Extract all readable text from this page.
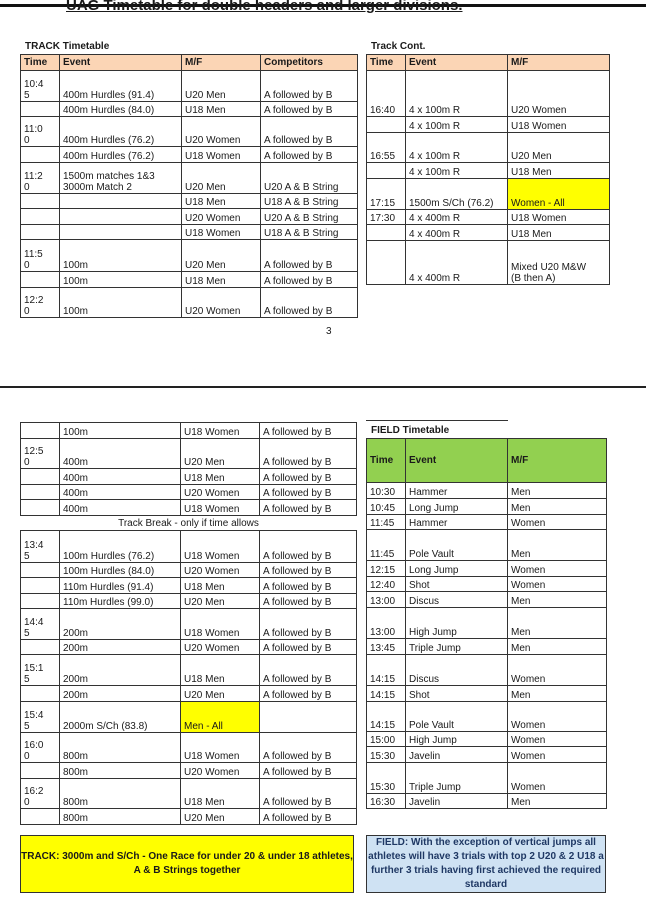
UAG Timetable for double headers and larger divisions.
TRACK Timetable
Time	Event	M/F	Competitors
10:4
5	400m Hurdles (91.4)	U20 Men	A followed by B
	400m Hurdles (84.0)	U18 Men	A followed by B
11:0
0	400m Hurdles (76.2)	U20 Women	A followed by B
	400m Hurdles (76.2)	U18 Women	A followed by B
11:2
0	1500m matches 1&3
3000m Match 2	U20 Men	U20 A & B String
		U18 Men	U18 A & B String
		U20 Women	U20 A & B String
		U18 Women	U18 A & B String
11:5
0	100m	U20 Men	A followed by B
	100m	U18 Men	A followed by B
12:2
0	100m	U20 Women	A followed by B
Track Cont.
Time	Event	M/F
16:40	4 x 100m R	U20 Women
	4 x 100m R	U18 Women
16:55	4 x 100m R	U20 Men
	4 x 100m R	U18 Men
17:15	1500m S/Ch (76.2)	Women - All
17:30	4 x 400m R	U18 Women
	4 x 400m R	U18 Men
	4 x 400m R	Mixed U20 M&W
(B then A)
3
	100m	U18 Women	A followed by B
12:5
0	400m	U20 Men	A followed by B
	400m	U18 Men	A followed by B
	400m	U20 Women	A followed by B
	400m	U18 Women	A followed by B
Track Break - only if time allows			
13:4
5	100m Hurdles (76.2)	U18 Women	A followed by B
	100m Hurdles (84.0)	U20 Women	A followed by B
	110m Hurdles (91.4)	U18 Men	A followed by B
	110m Hurdles (99.0)	U20 Men	A followed by B
14:4
5	200m	U18 Women	A followed by B
	200m	U20 Women	A followed by B
15:1
5	200m	U18 Men	A followed by B
	200m	U20 Men	A followed by B
15:4
5	2000m S/Ch (83.8)	Men - All	
16:0
0	800m	U18 Women	A followed by B
	800m	U20 Women	A followed by B
16:2
0	800m	U18 Men	A followed by B
	800m	U20 Men	A followed by B
FIELD Timetable
Time	Event	M/F
10:30	Hammer	Men
10:45	Long Jump	Men
11:45	Hammer	Women
11:45	Pole Vault	Men
12:15	Long Jump	Women
12:40	Shot	Women
13:00	Discus	Men
13:00	High Jump	Men
13:45	Triple Jump	Men
14:15	Discus	Women
14:15	Shot	Men
14:15	Pole Vault	Women
15:00	High Jump	Women
15:30	Javelin	Women
15:30	Triple Jump	Women
16:30	Javelin	Men
TRACK: 3000m and S/Ch - One Race for under 20 & under 18 athletes, A & B Strings together
FIELD: With the exception of vertical jumps all athletes will have 3 trials with top 2 U20 & 2 U18 a further 3 trials having first achieved the required standard
